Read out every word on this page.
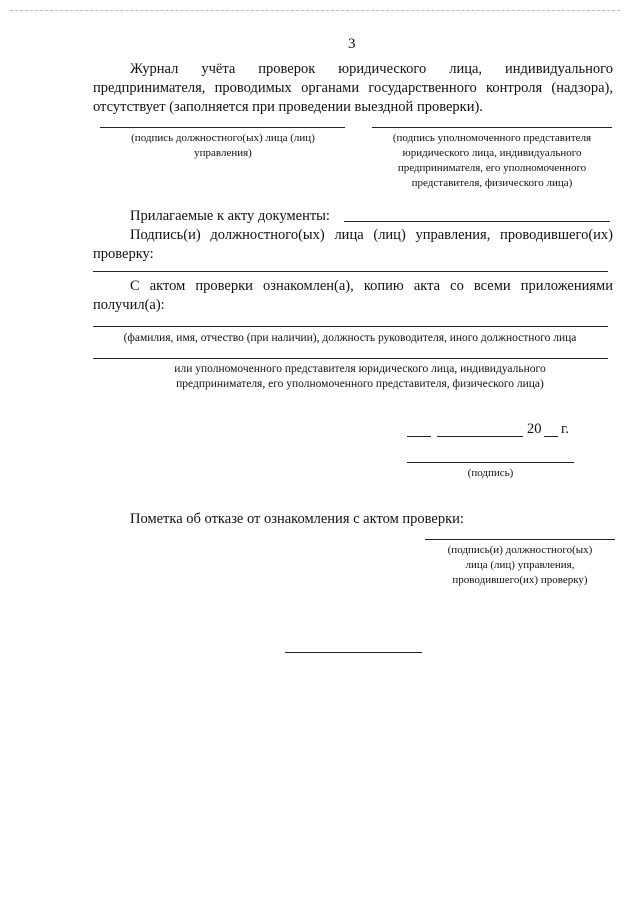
3
Журнал учёта проверок юридического лица, индивидуального
предпринимателя, проводимых органами государственного контроля (надзора),
отсутствует (заполняется при проведении выездной проверки).
(подпись должностного(ых) лица (лиц)
управления)
(подпись уполномоченного представителя
юридического лица, индивидуального
предпринимателя, его уполномоченного
представителя, физического лица)
Прилагаемые к акту документы:
Подпись(и) должностного(ых) лица (лиц) управления, проводившего(их)
проверку:
С актом проверки ознакомлен(а), копию акта со всеми приложениями
получил(а):
(фамилия, имя, отчество (при наличии), должность руководителя, иного должностного лица
или уполномоченного представителя юридического лица, индивидуального
предпринимателя, его уполномоченного представителя, физического лица)
20 г.
(подпись)
Пометка об отказе от ознакомления с актом проверки:
(подпись(и) должностного(ых)
лица (лиц) управления,
проводившего(их) проверку)
